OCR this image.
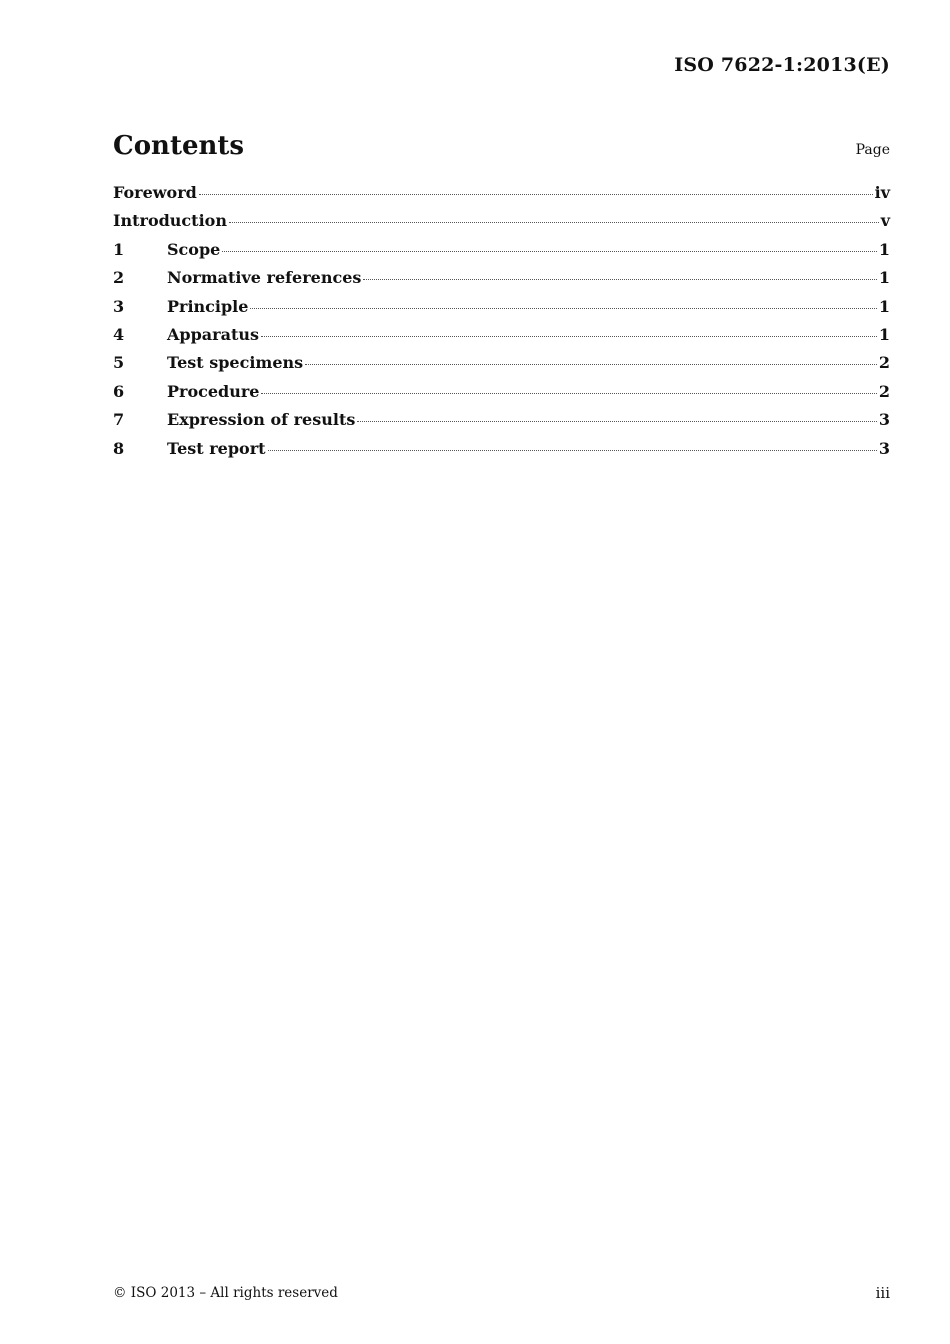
ISO 7622-1:2013(E)
Contents	Page
Foreword	iv
Introduction	v
1	Scope	1
2	Normative references	1
3	Principle	1
4	Apparatus	1
5	Test specimens	2
6	Procedure	2
7	Expression of results	3
8	Test report	3
© ISO 2013 – All rights reserved	iii
